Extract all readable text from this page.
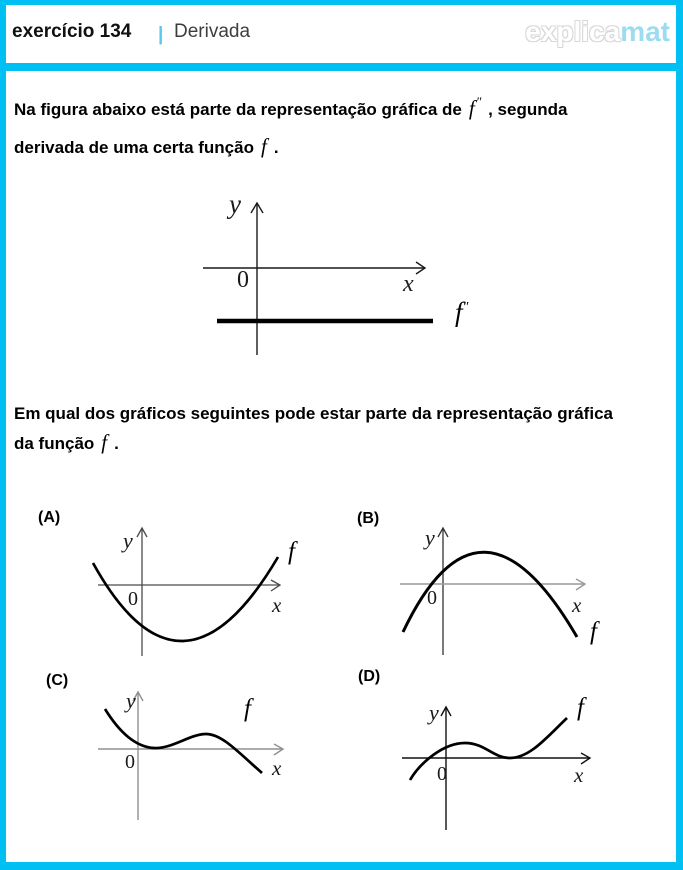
exercício 134 | Derivada	explicamat
Na figura abaixo está parte da representação gráfica de f ″ , segunda
derivada de uma certa função f .
y
0	x
f″
Em qual dos gráficos seguintes pode estar parte da representação gráfica
da função f .
(A)
y
0	x
f
(B)
y
0	x
f
(C)
y
0	x
f
(D)
y
0	x
f
